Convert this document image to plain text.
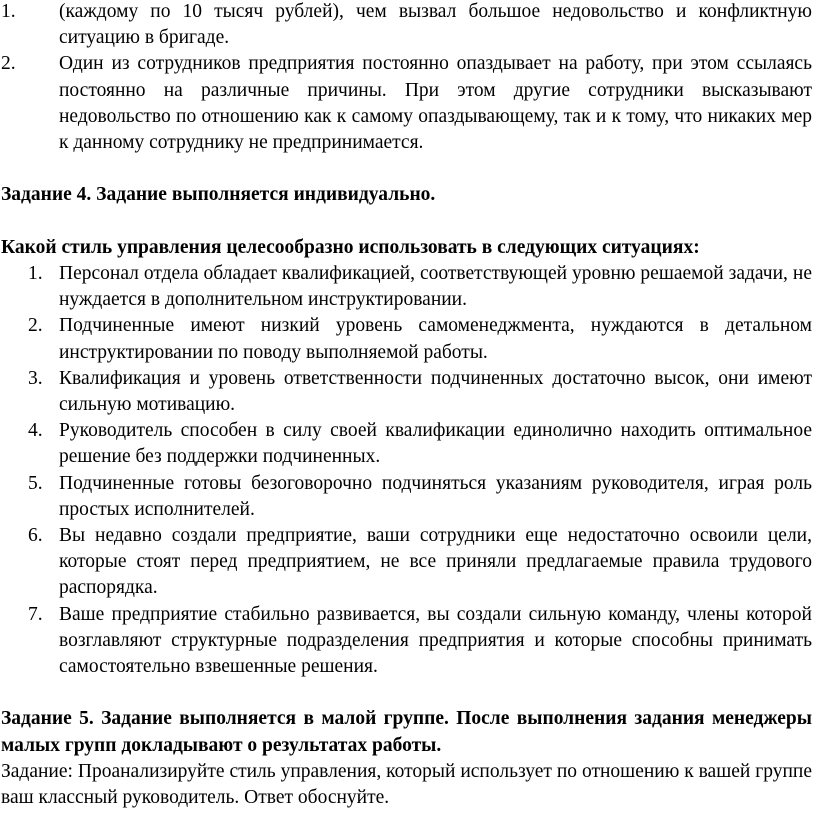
1. (каждому по 10 тысяч рублей), чем вызвал большое недовольство и конфликтную ситуацию в бригаде.
2. Один из сотрудников предприятия постоянно опаздывает на работу, при этом ссылаясь постоянно на различные причины. При этом другие сотрудники высказывают недовольство по отношению как к самому опаздывающему, так и к тому, что никаких мер к данному сотруднику не предпринимается.
Задание 4. Задание выполняется индивидуально.
Какой стиль управления целесообразно использовать в следующих ситуациях:
1. Персонал отдела обладает квалификацией, соответствующей уровню решаемой задачи, не нуждается в дополнительном инструктировании.
2. Подчиненные имеют низкий уровень самоменеджмента, нуждаются в детальном инструктировании по поводу выполняемой работы.
3. Квалификация и уровень ответственности подчиненных достаточно высок, они имеют сильную мотивацию.
4. Руководитель способен в силу своей квалификации единолично находить оптимальное решение без поддержки подчиненных.
5. Подчиненные готовы безоговорочно подчиняться указаниям руководителя, играя роль простых исполнителей.
6. Вы недавно создали предприятие, ваши сотрудники еще недостаточно освоили цели, которые стоят перед предприятием, не все приняли предлагаемые правила трудового распорядка.
7. Ваше предприятие стабильно развивается, вы создали сильную команду, члены которой возглавляют структурные подразделения предприятия и которые способны принимать самостоятельно взвешенные решения.
Задание 5. Задание выполняется в малой группе. После выполнения задания менеджеры малых групп докладывают о результатах работы.
Задание: Проанализируйте стиль управления, который использует по отношению к вашей группе ваш классный руководитель. Ответ обоснуйте.
